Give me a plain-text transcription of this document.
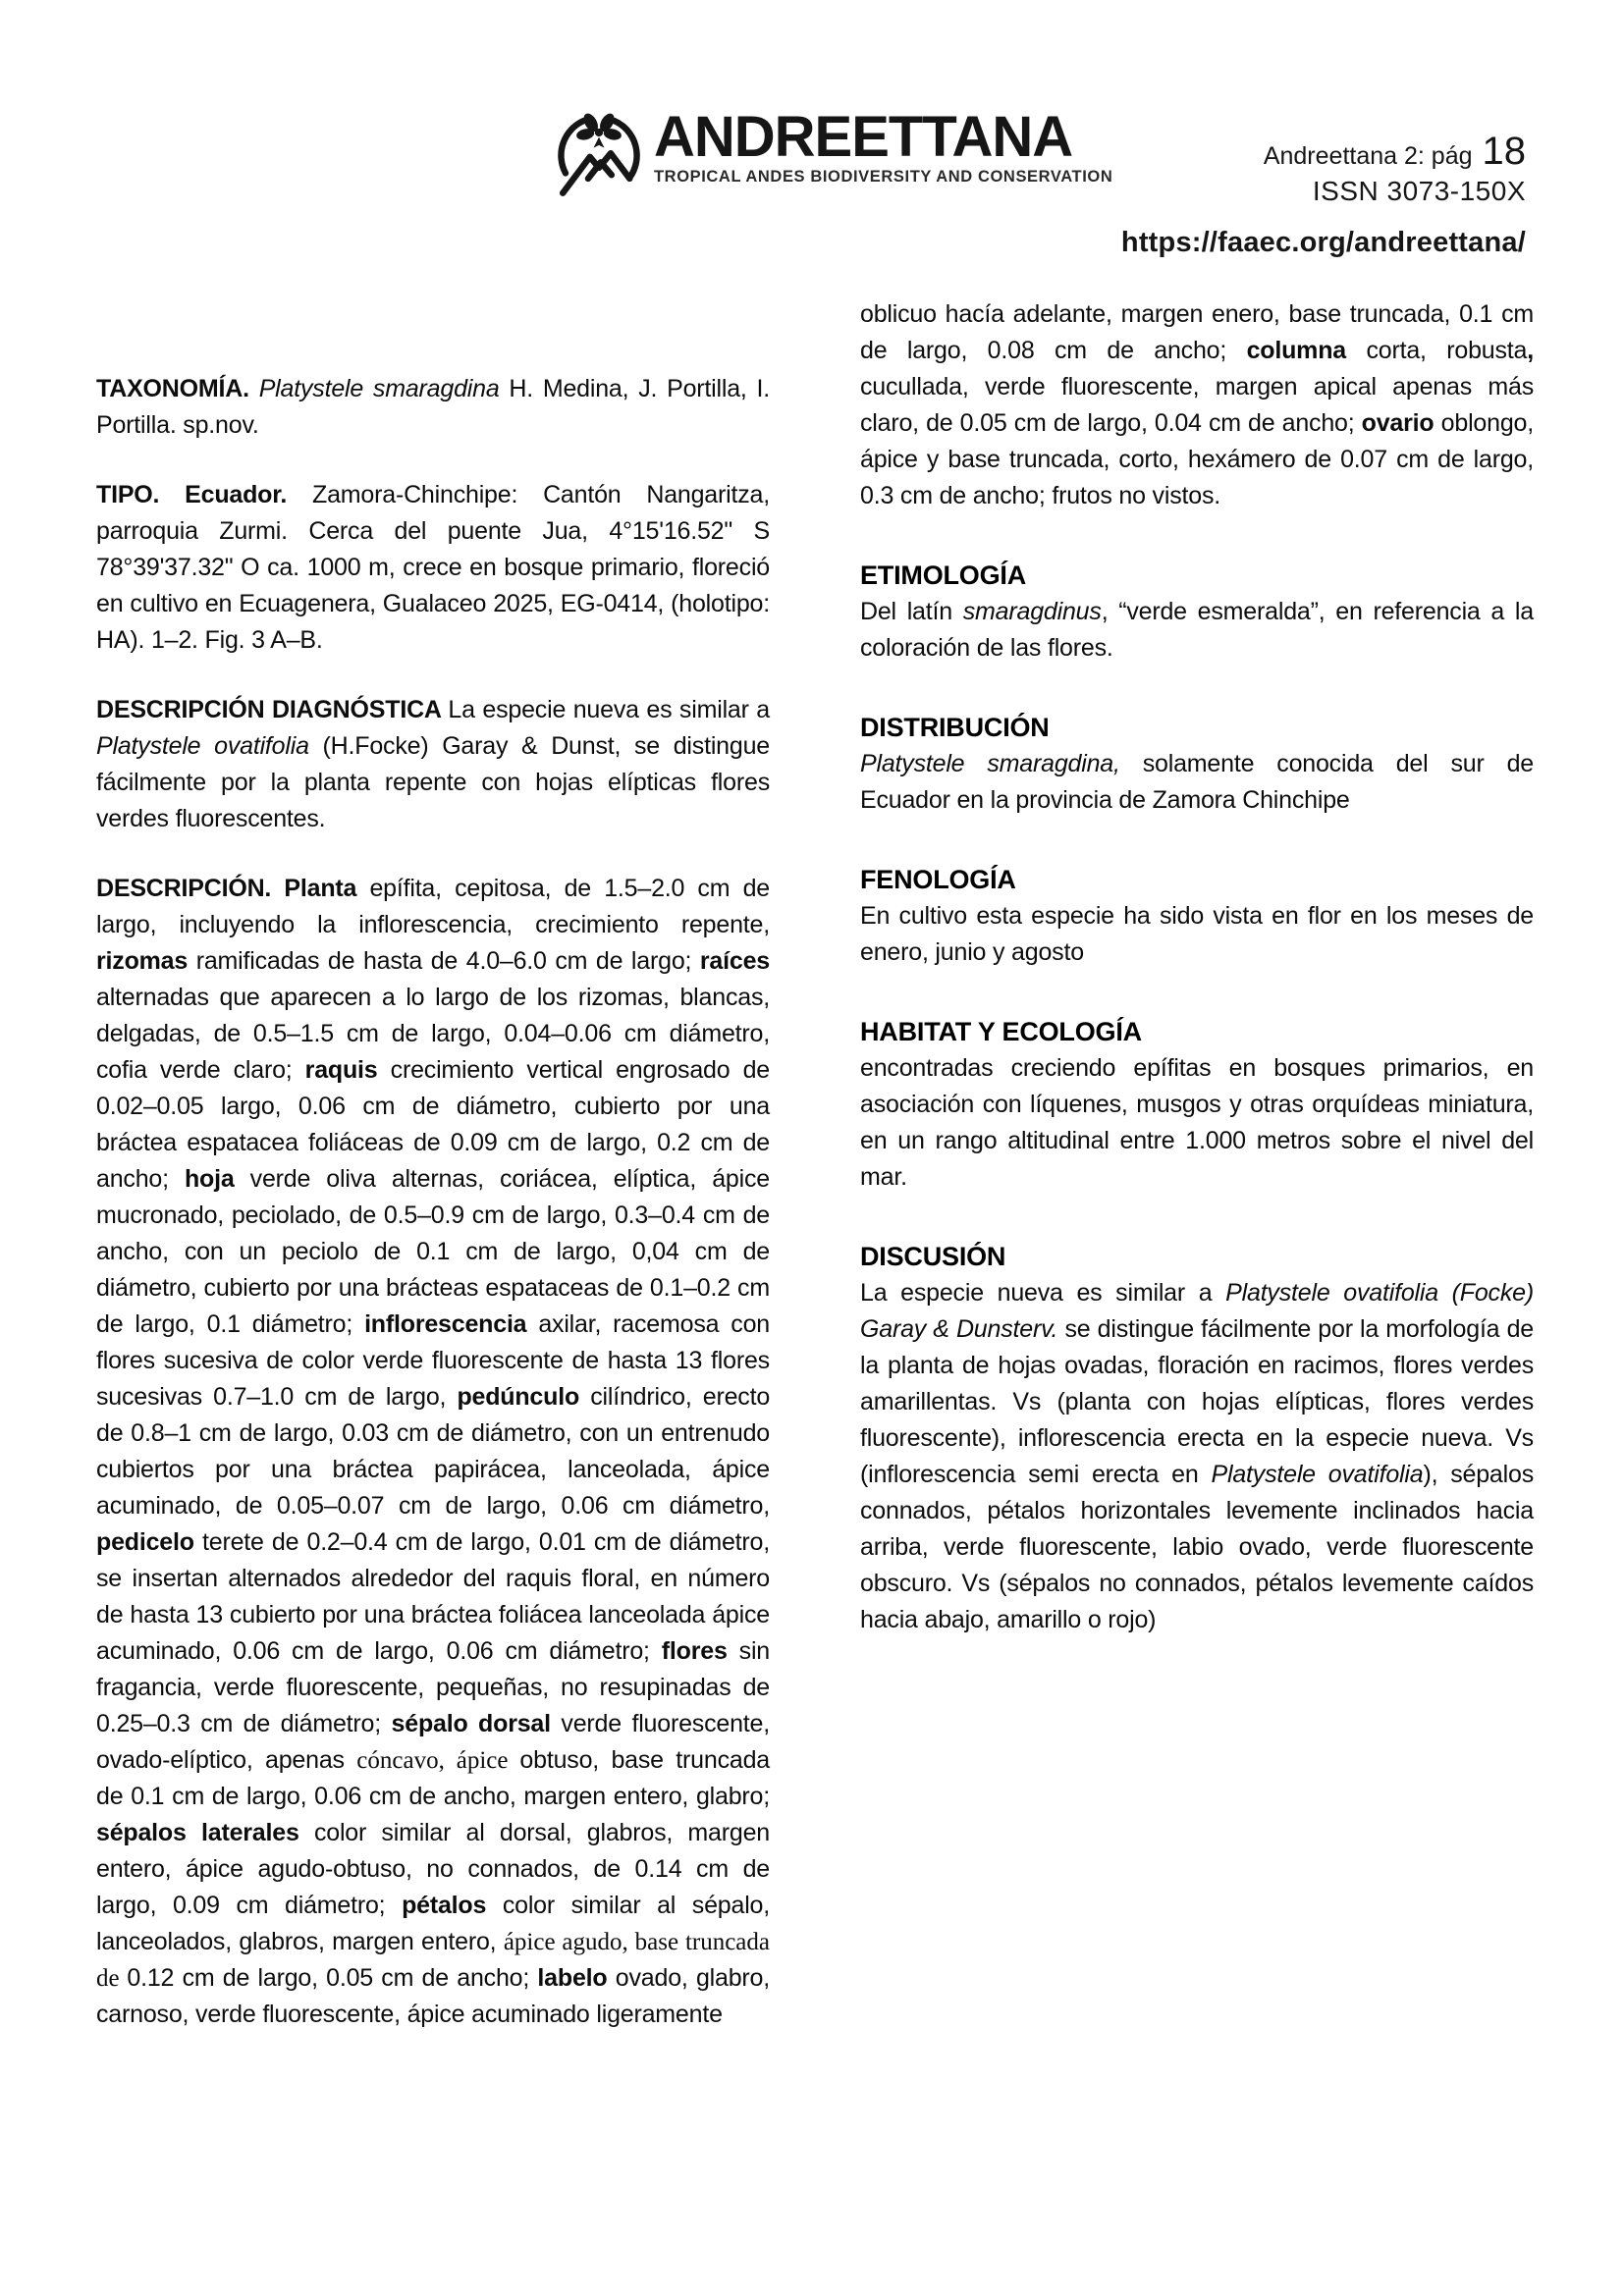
ANDREETTANA
TROPICAL ANDES BIODIVERSITY AND CONSERVATION
Andreettana 2: pág 18
ISSN 3073-150X
https://faaec.org/andreettana/

TAXONOMÍA. Platystele smaragdina H. Medina, J. Portilla, I. Portilla. sp.nov.

TIPO. Ecuador. Zamora-Chinchipe: Cantón Nangaritza, parroquia Zurmi. Cerca del puente Jua, 4°15'16.52" S 78°39'37.32" O ca. 1000 m, crece en bosque primario, floreció en cultivo en Ecuagenera, Gualaceo 2025, EG-0414, (holotipo: HA). 1–2. Fig. 3 A–B.

DESCRIPCIÓN DIAGNÓSTICA La especie nueva es similar a Platystele ovatifolia (H.Focke) Garay & Dunst, se distingue fácilmente por la planta repente con hojas elípticas flores verdes fluorescentes.

DESCRIPCIÓN. Planta epífita, cepitosa, de 1.5–2.0 cm de largo, incluyendo la inflorescencia, crecimiento repente, rizomas ramificadas de hasta de 4.0–6.0 cm de largo; raíces alternadas que aparecen a lo largo de los rizomas, blancas, delgadas, de 0.5–1.5 cm de largo, 0.04–0.06 cm diámetro, cofia verde claro; raquis crecimiento vertical engrosado de 0.02–0.05 largo, 0.06 cm de diámetro, cubierto por una bráctea espatacea foliáceas de 0.09 cm de largo, 0.2 cm de ancho; hoja verde oliva alternas, coriácea, elíptica, ápice mucronado, peciolado, de 0.5–0.9 cm de largo, 0.3–0.4 cm de ancho, con un peciolo de 0.1 cm de largo, 0,04 cm de diámetro, cubierto por una brácteas espataceas de 0.1–0.2 cm de largo, 0.1 diámetro; inflorescencia axilar, racemosa con flores sucesiva de color verde fluorescente de hasta 13 flores sucesivas 0.7–1.0 cm de largo, pedúnculo cilíndrico, erecto de 0.8–1 cm de largo, 0.03 cm de diámetro, con un entrenudo cubiertos por una bráctea papirácea, lanceolada, ápice acuminado, de 0.05–0.07 cm de largo, 0.06 cm diámetro, pedicelo terete de 0.2–0.4 cm de largo, 0.01 cm de diámetro, se insertan alternados alrededor del raquis floral, en número de hasta 13 cubierto por una bráctea foliácea lanceolada ápice acuminado, 0.06 cm de largo, 0.06 cm diámetro; flores sin fragancia, verde fluorescente, pequeñas, no resupinadas de 0.25–0.3 cm de diámetro; sépalo dorsal verde fluorescente, ovado-elíptico, apenas cóncavo, ápice obtuso, base truncada de 0.1 cm de largo, 0.06 cm de ancho, margen entero, glabro; sépalos laterales color similar al dorsal, glabros, margen entero, ápice agudo-obtuso, no connados, de 0.14 cm de largo, 0.09 cm diámetro; pétalos color similar al sépalo, lanceolados, glabros, margen entero, ápice agudo, base truncada de 0.12 cm de largo, 0.05 cm de ancho; labelo ovado, glabro, carnoso, verde fluorescente, ápice acuminado ligeramente

oblicuo hacía adelante, margen enero, base truncada, 0.1 cm de largo, 0.08 cm de ancho; columna corta, robusta, cucullada, verde fluorescente, margen apical apenas más claro, de 0.05 cm de largo, 0.04 cm de ancho; ovario oblongo, ápice y base truncada, corto, hexámero de 0.07 cm de largo, 0.3 cm de ancho; frutos no vistos.

ETIMOLOGÍA

Del latín smaragdinus, “verde esmeralda”, en referencia a la coloración de las flores.

DISTRIBUCIÓN

Platystele smaragdina, solamente conocida del sur de Ecuador en la provincia de Zamora Chinchipe

FENOLOGÍA

En cultivo esta especie ha sido vista en flor en los meses de enero, junio y agosto

HABITAT Y ECOLOGÍA

encontradas creciendo epífitas en bosques primarios, en asociación con líquenes, musgos y otras orquídeas miniatura, en un rango altitudinal entre 1.000 metros sobre el nivel del mar.

DISCUSIÓN

La especie nueva es similar a Platystele ovatifolia (Focke) Garay & Dunsterv. se distingue fácilmente por la morfología de la planta de hojas ovadas, floración en racimos, flores verdes amarillentas. Vs (planta con hojas elípticas, flores verdes fluorescente), inflorescencia erecta en la especie nueva. Vs (inflorescencia semi erecta en Platystele ovatifolia), sépalos connados, pétalos horizontales levemente inclinados hacia arriba, verde fluorescente, labio ovado, verde fluorescente obscuro. Vs (sépalos no connados, pétalos levemente caídos hacia abajo, amarillo o rojo)
